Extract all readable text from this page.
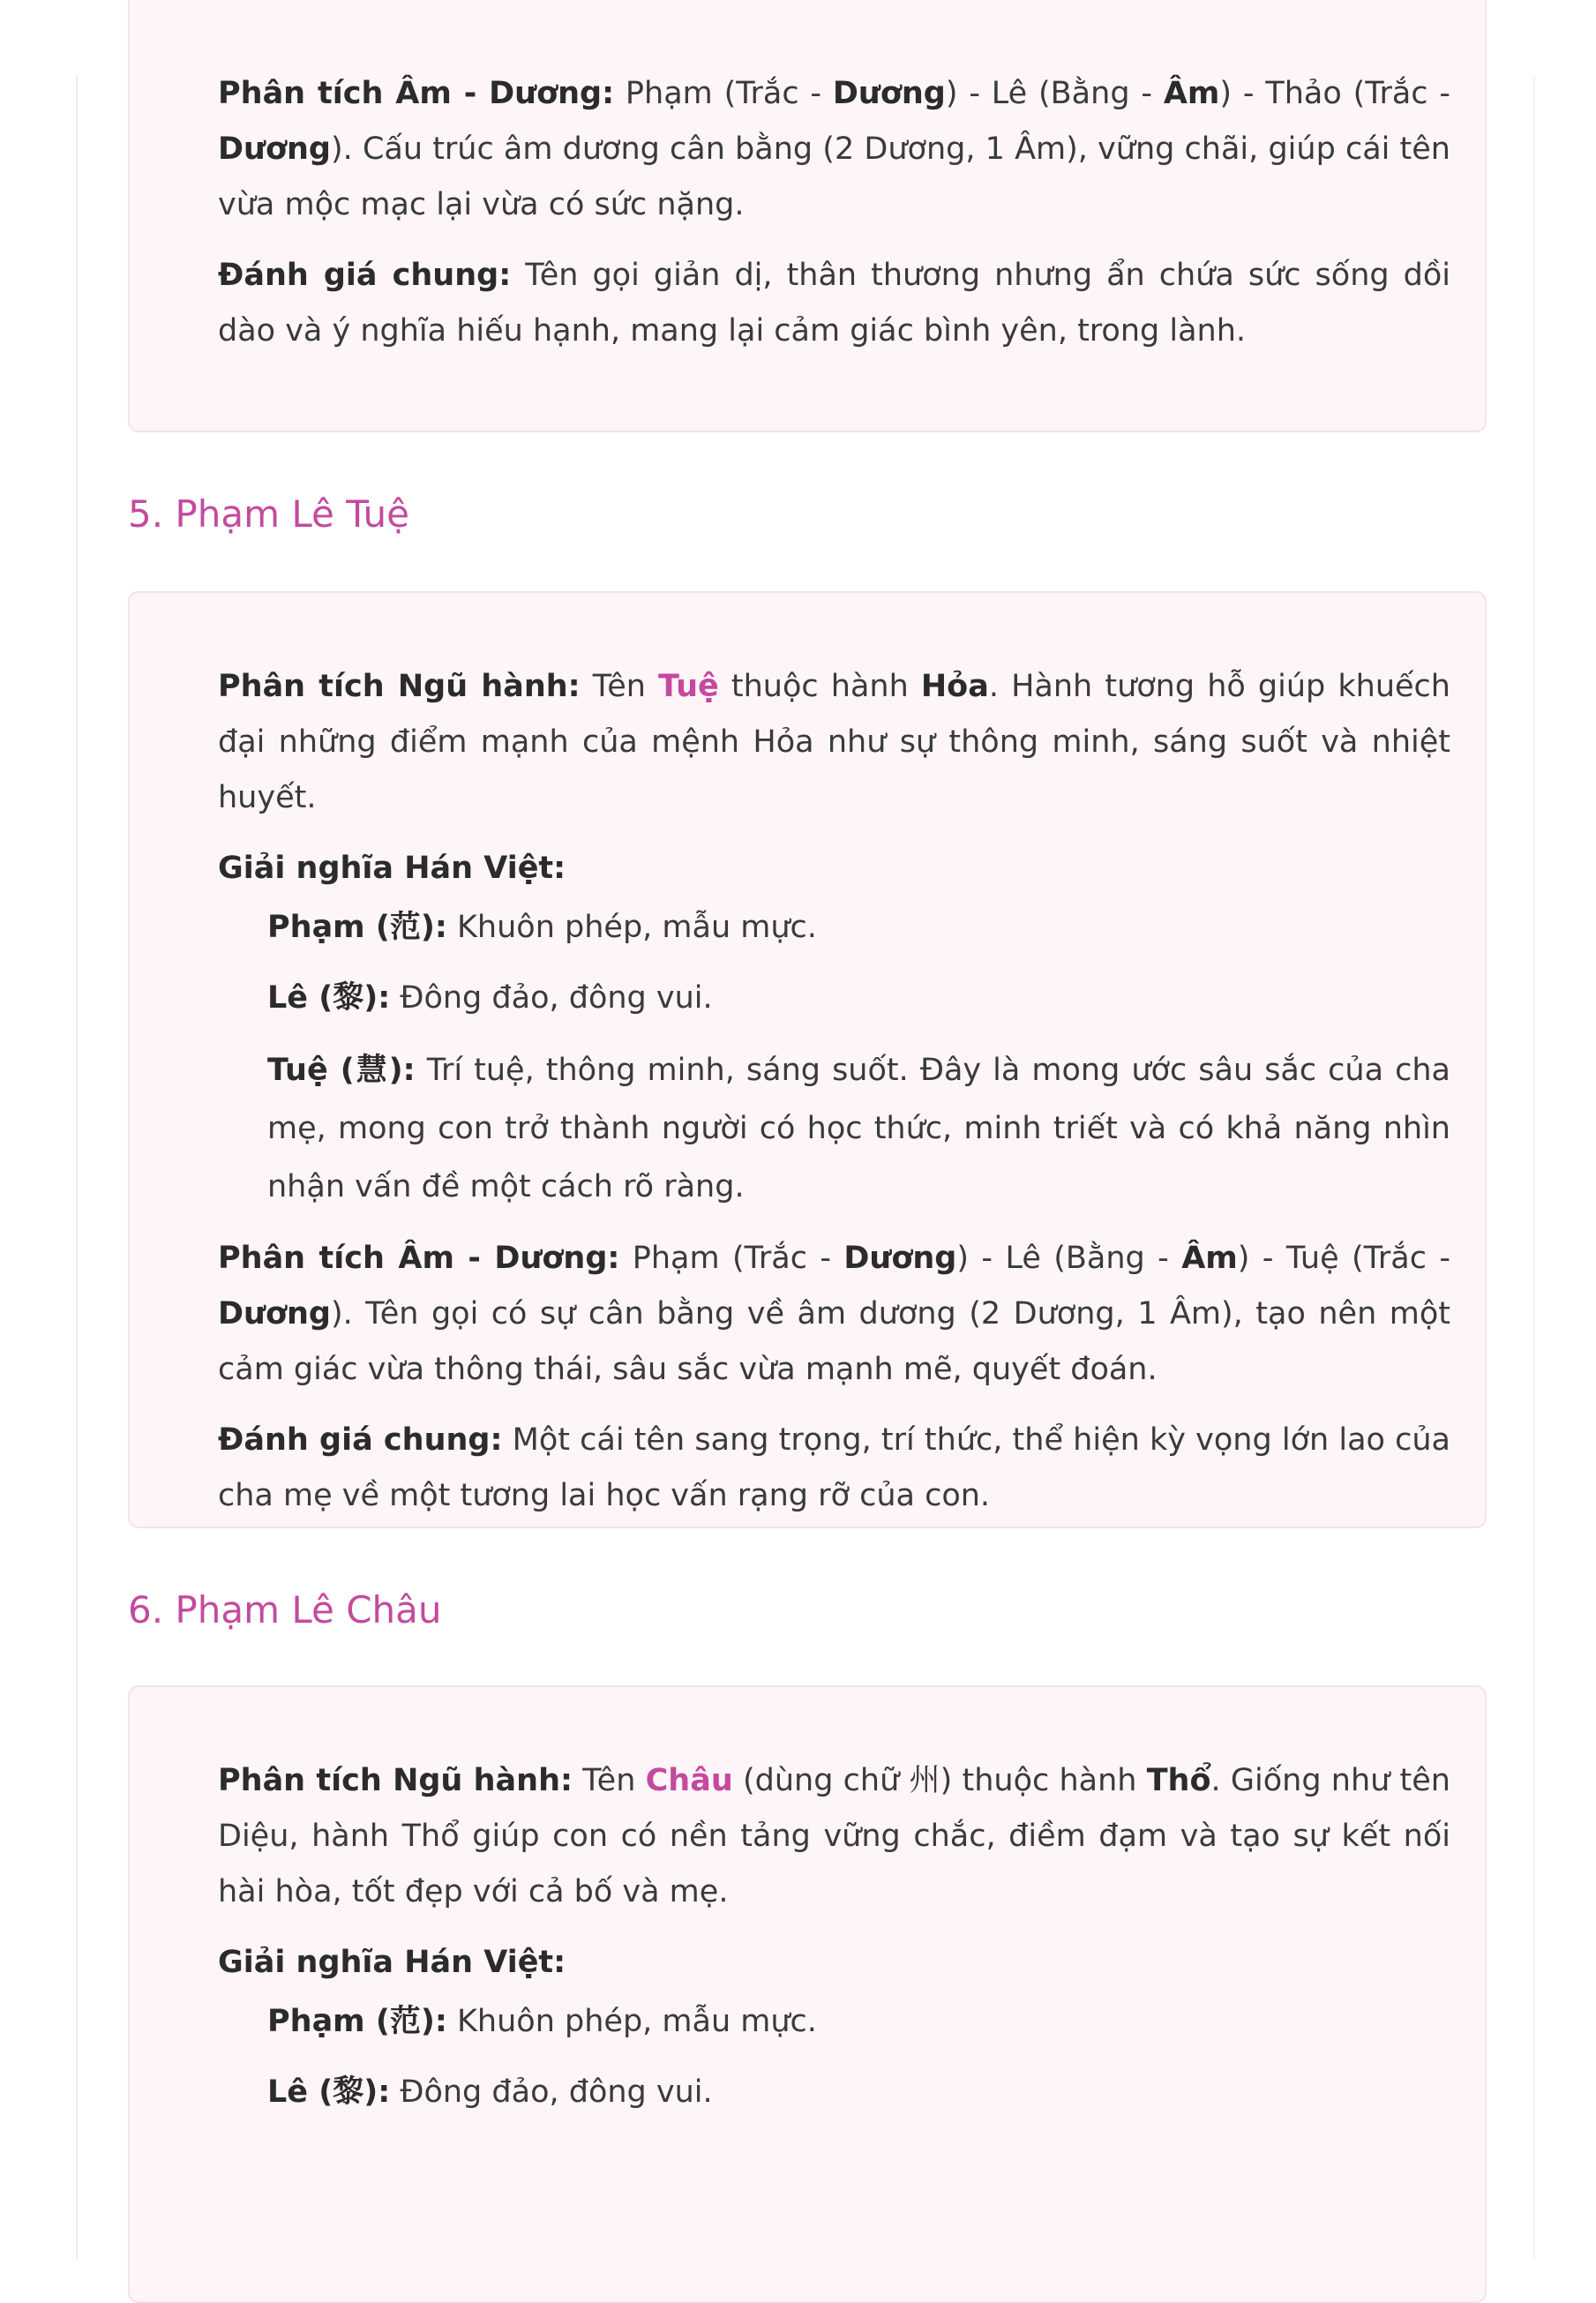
Phân tích Âm - Dương: Phạm (Trắc - Dương) - Lê (Bằng - Âm) - Thảo (Trắc - Dương). Cấu trúc âm dương cân bằng (2 Dương, 1 Âm), vững chãi, giúp cái tên vừa mộc mạc lại vừa có sức nặng.

Đánh giá chung: Tên gọi giản dị, thân thương nhưng ẩn chứa sức sống dồi dào và ý nghĩa hiếu hạnh, mang lại cảm giác bình yên, trong lành.

5. Phạm Lê Tuệ

Phân tích Ngũ hành: Tên Tuệ thuộc hành Hỏa. Hành tương hỗ giúp khuếch đại những điểm mạnh của mệnh Hỏa như sự thông minh, sáng suốt và nhiệt huyết.

Giải nghĩa Hán Việt:

Phạm (范): Khuôn phép, mẫu mực.

Lê (黎): Đông đảo, đông vui.

Tuệ (慧): Trí tuệ, thông minh, sáng suốt. Đây là mong ước sâu sắc của cha mẹ, mong con trở thành người có học thức, minh triết và có khả năng nhìn nhận vấn đề một cách rõ ràng.

Phân tích Âm - Dương: Phạm (Trắc - Dương) - Lê (Bằng - Âm) - Tuệ (Trắc - Dương). Tên gọi có sự cân bằng về âm dương (2 Dương, 1 Âm), tạo nên một cảm giác vừa thông thái, sâu sắc vừa mạnh mẽ, quyết đoán.

Đánh giá chung: Một cái tên sang trọng, trí thức, thể hiện kỳ vọng lớn lao của cha mẹ về một tương lai học vấn rạng rỡ của con.

6. Phạm Lê Châu

Phân tích Ngũ hành: Tên Châu (dùng chữ 州) thuộc hành Thổ. Giống như tên Diệu, hành Thổ giúp con có nền tảng vững chắc, điềm đạm và tạo sự kết nối hài hòa, tốt đẹp với cả bố và mẹ.

Giải nghĩa Hán Việt:

Phạm (范): Khuôn phép, mẫu mực.

Lê (黎): Đông đảo, đông vui.
